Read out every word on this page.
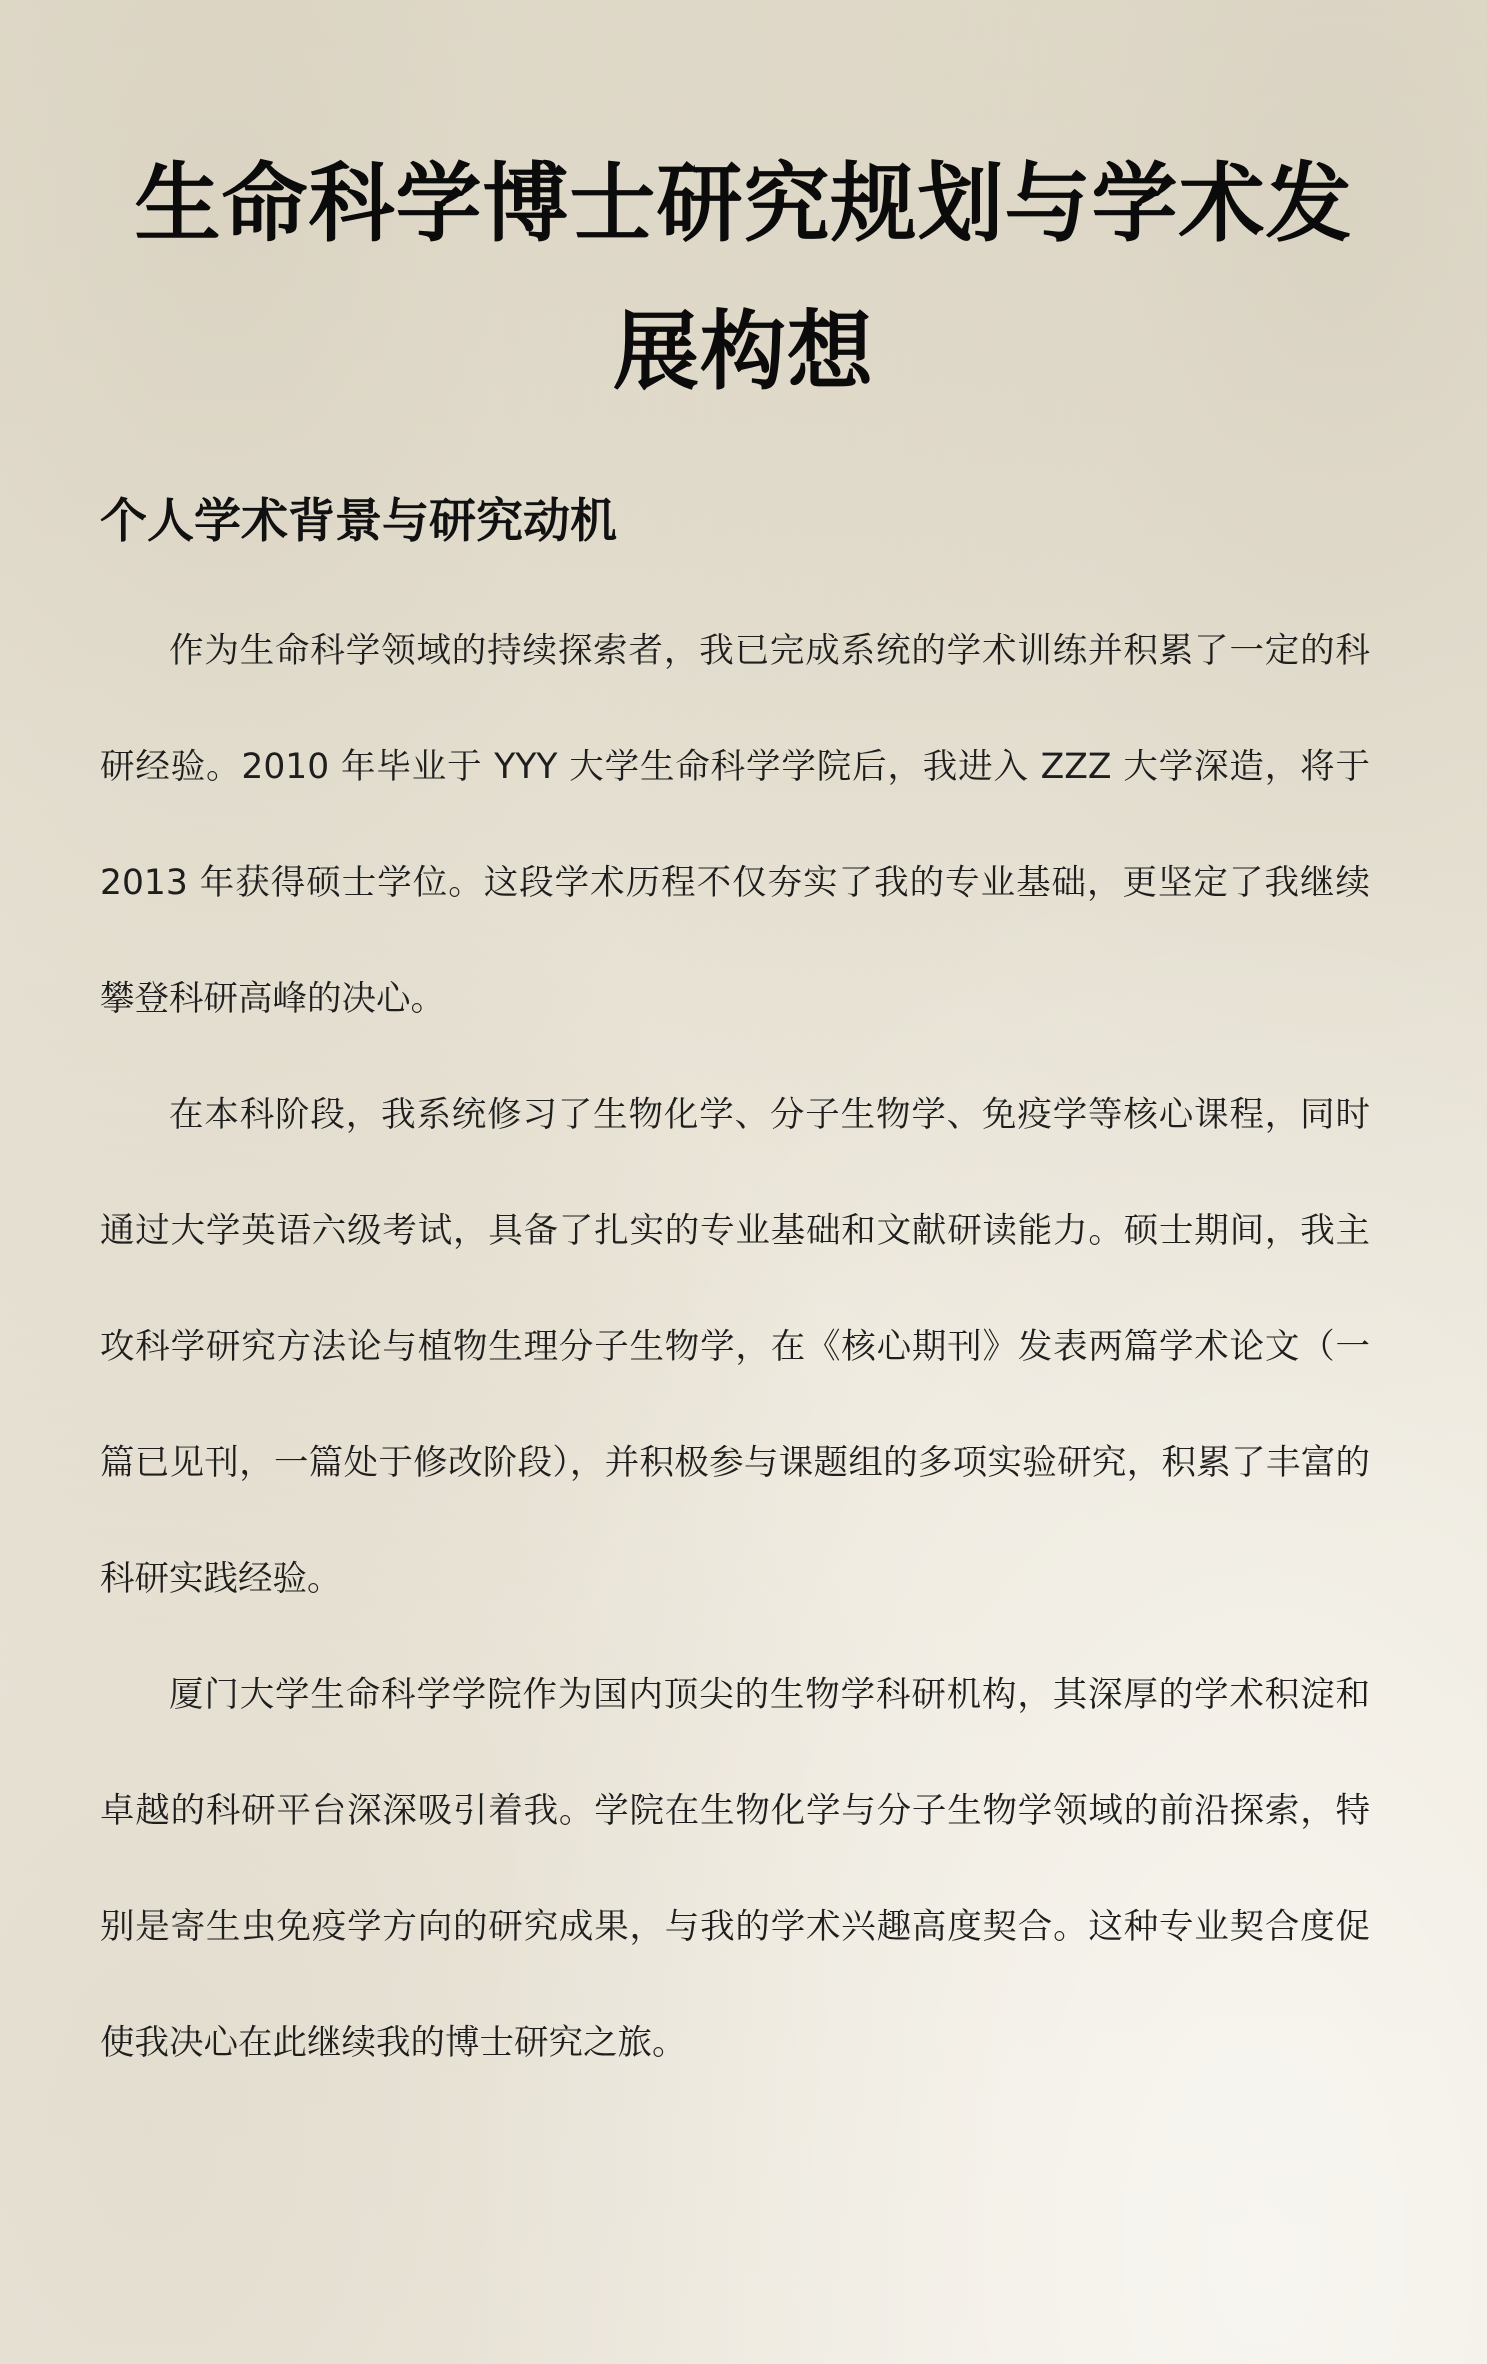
生命科学博士研究规划与学术发展构想
个人学术背景与研究动机

作为生命科学领域的持续探索者，我已完成系统的学术训练并积累了一定的科研经验。2010 年毕业于 YYY 大学生命科学学院后，我进入 ZZZ 大学深造，将于 2013 年获得硕士学位。这段学术历程不仅夯实了我的专业基础，更坚定了我继续攀登科研高峰的决心。

在本科阶段，我系统修习了生物化学、分子生物学、免疫学等核心课程，同时通过大学英语六级考试，具备了扎实的专业基础和文献研读能力。硕士期间，我主攻科学研究方法论与植物生理分子生物学，在《核心期刊》发表两篇学术论文（一篇已见刊，一篇处于修改阶段），并积极参与课题组的多项实验研究，积累了丰富的科研实践经验。

厦门大学生命科学学院作为国内顶尖的生物学科研机构，其深厚的学术积淀和卓越的科研平台深深吸引着我。学院在生物化学与分子生物学领域的前沿探索，特别是寄生虫免疫学方向的研究成果，与我的学术兴趣高度契合。这种专业契合度促使我决心在此继续我的博士研究之旅。
